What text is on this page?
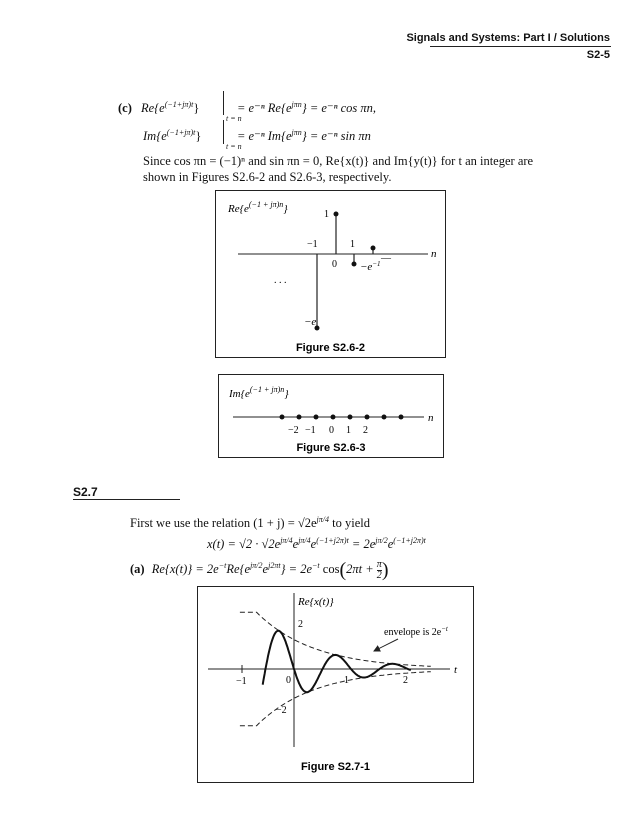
Signals and Systems: Part I / Solutions
S2-5
(c) $Re\{e^{(-1+j\pi)t}\}$
t = n
= e⁻ⁿ $Re\{e^{j\pi n}\} = e^{-n}$ cos πn,
$Im\{e^{(-1+j\pi)t}\}$
t = n
= e⁻ⁿ $Im\{e^{j\pi n}\} = e^{-n}$ sin πn
Since cos πn = (−1)ⁿ and sin πn = 0, Re{x(t)} and Im{y(t)} for t an integer are
shown in Figures S2.6-2 and S2.6-3, respectively.
$Re\{e^{(-1 + j\pi)n}\}$
n
—
1
−e
$-e^{-1}$
−1
0
1
. . .
Figure S2.6-2
$Im\{e^{(-1 + j\pi)n}\}$
n
−2 −1 0 1 2
Figure S2.6-3
S2.7
First we use the relation $(1 + j) = √2e^{j\pi/4}$ to yield
$x(t) = √2 \cdot √2e^{j\pi/4}e^{j\pi/4}e^{(-1+j2\pi)t} = 2e^{j\pi/2}e^{(-1+j2\pi)t}$
(a) $Re\{x(t)\} = 2e^{-t}Re\{e^{j\pi/2}e^{j2\pi t}\} = 2e^{-t}$ $\cos(2\pi t + \frac{\pi}{2}$ )
t
Re{x(t)}
−1	0	1	2
2
−2
envelope is $2e^{-t}$
Figure S2.7-1
